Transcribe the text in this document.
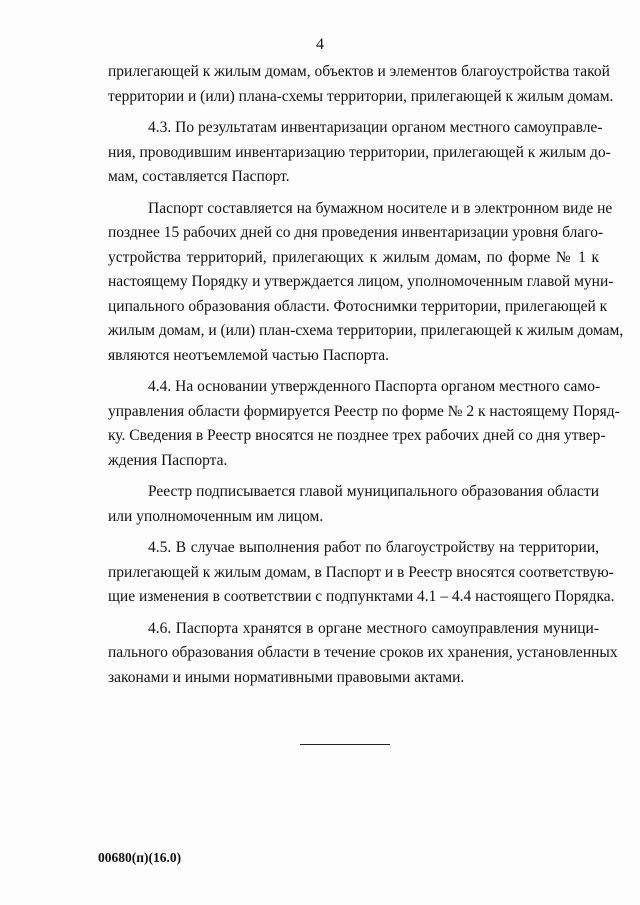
4
прилегающей к жилым домам, объектов и элементов благоустройства такой
территории и (или) плана-схемы территории, прилегающей к жилым домам.
4.3. По результатам инвентаризации органом местного самоуправле-
ния, проводившим инвентаризацию территории, прилегающей к жилым до-
мам, составляется Паспорт.
Паспорт составляется на бумажном носителе и в электронном виде не
позднее 15 рабочих дней со дня проведения инвентаризации уровня благо-
устройства территорий, прилегающих к жилым домам, по форме № 1 к
настоящему Порядку и утверждается лицом, уполномоченным главой муни-
ципального образования области. Фотоснимки территории, прилегающей к
жилым домам, и (или) план-схема территории, прилегающей к жилым домам,
являются неотъемлемой частью Паспорта.
4.4. На основании утвержденного Паспорта органом местного само-
управления области формируется Реестр по форме № 2 к настоящему Поряд-
ку. Сведения в Реестр вносятся не позднее трех рабочих дней со дня утвер-
ждения Паспорта.
Реестр подписывается главой муниципального образования области
или уполномоченным им лицом.
4.5. В случае выполнения работ по благоустройству на территории,
прилегающей к жилым домам, в Паспорт и в Реестр вносятся соответствую-
щие изменения в соответствии с подпунктами 4.1 – 4.4 настоящего Порядка.
4.6. Паспорта хранятся в органе местного самоуправления муници-
пального образования области в течение сроков их хранения, установленных
законами и иными нормативными правовыми актами.
00680(п)(16.0)
